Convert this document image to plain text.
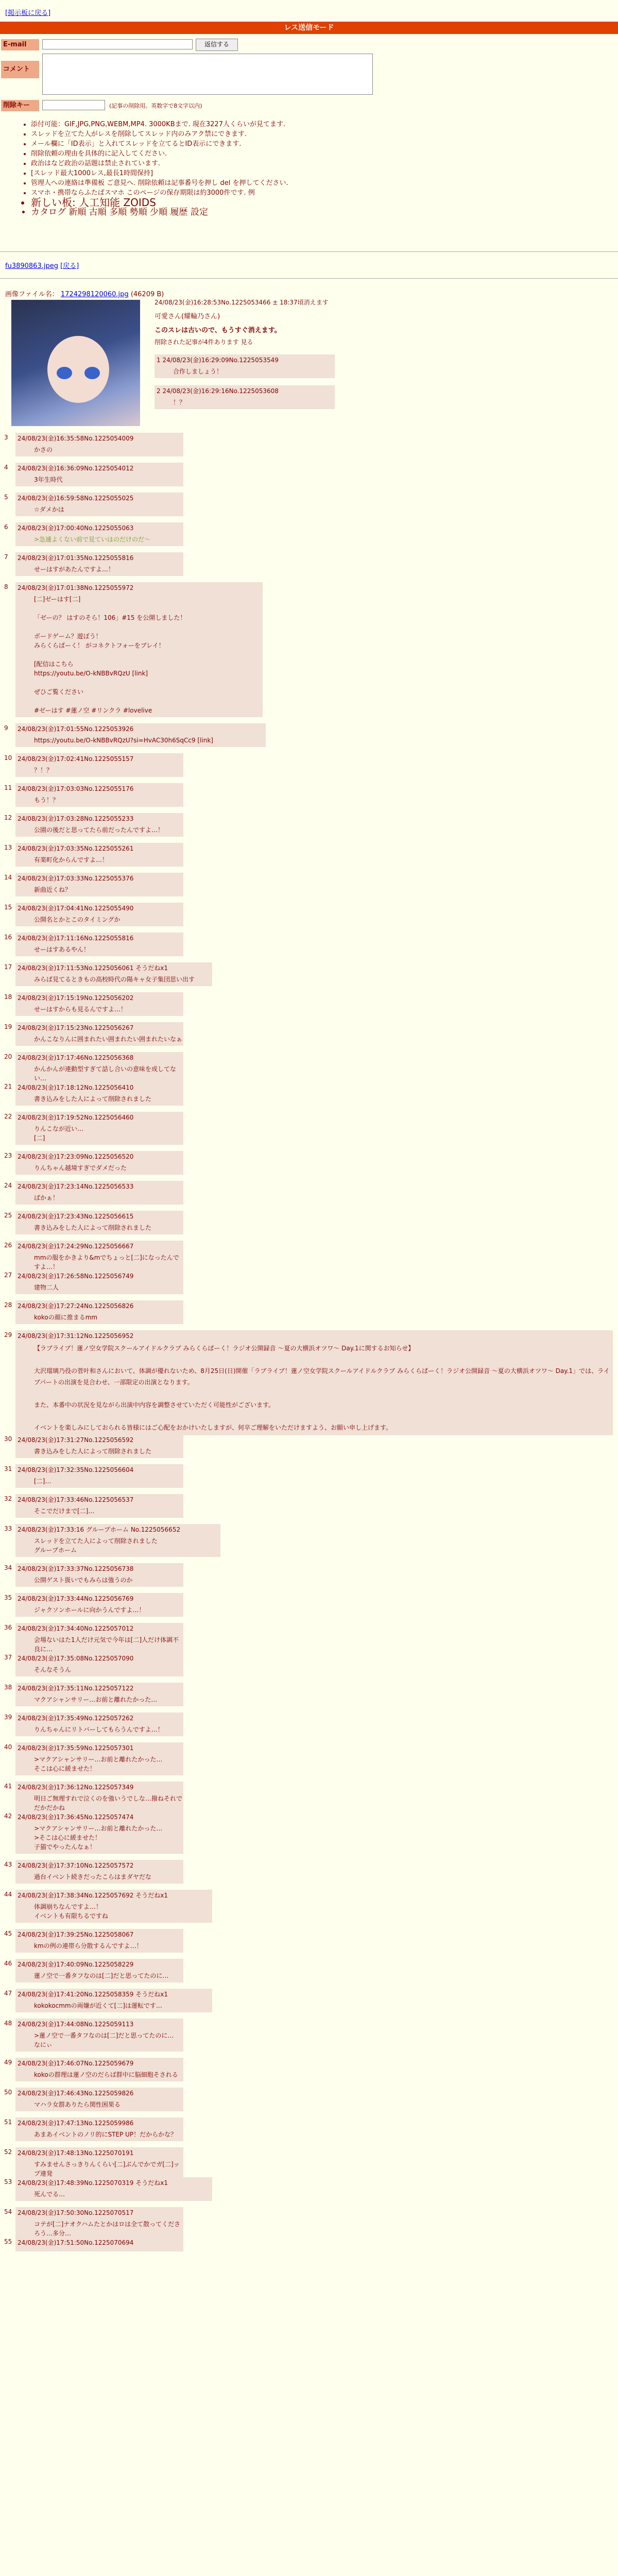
[掲示板に戻る]
レス送信モード
E-mail	返信する
コメント
削除キー	(記事の削除用。英数字で8文字以内)
• 添付可能：GIF,JPG,PNG,WEBM,MP4. 3000KBまで. 現在3227人くらいが見てます.
• スレッドを立てた人がレスを削除してスレッド内のみアク禁にできます.
• メール欄に「ID表示」と入れてスレッドを立てるとID表示にできます.
• 削除依頼の理由を具体的に記入してください.
• 政治はなど政治の話題は禁止されています.
• [スレッド最大1000レス,最長1時間保持]
• 管理人への連絡は準備板 ご意見へ. 削除依頼は記事番号を押し del を押してください.
• スマホ・携帯ならふたばスマホ このページの保存期限は約3000件です. 例
• 新しい板: 人工知能 ZOIDS
• カタログ 新順 古順 多順 勢順 少順 履歴 設定
fu3890863.jpeg [戻る]
画像ファイル名： 1724298120060.jpg (46209 B)
24/08/23(金)16:28:53No.1225053466 ± 18:37頃消えます

可愛さん(耀輪乃さん)

このスレは古いので、もうすぐ消えます。

削除された記事が4件あります 見る

1 24/08/23(金)16:29:09No.1225053549
合作しましょう！
2 24/08/23(金)16:29:16No.1225053608
！？
3	24/08/23(金)16:35:58No.1225054009
かさの
4	24/08/23(金)16:36:09No.1225054012
3年生時代
5	24/08/23(金)16:59:58No.1225055025
☆ダメかは
6	24/08/23(金)17:00:40No.1225055063
>急遽よくない前で見ていはのだけのだ〜
7	24/08/23(金)17:01:35No.1225055816
せーはすがあたんですよ…！
8	24/08/23(金)17:01:38No.1225055972
[二]ゼーはす[二]

「ゼーの？ はすのそら！106」#15 を公開しました！

ボードゲーム？遊ぼう！
みらくらぱーく！ がコネクトフォーをプレイ！

[配信はこちら
https://youtu.be/O-kNBBvRQzU [link]

ぜひご覧ください

#ゼーはす #蓮ノ空 #リンクラ #lovelive
9	24/08/23(金)17:01:55No.1225053926
https://youtu.be/O-kNBBvRQzU?si=HvAC30h6SqCc9 [link]
10 24/08/23(金)17:02:41No.1225055157
？！？
11 24/08/23(金)17:03:03No.1225055176
もう！？
12 24/08/23(金)17:03:28No.1225055233
公園の後だと思ってたら前だったんですよ…！
13 24/08/23(金)17:03:35No.1225055261
有楽町化からんですよ…！
14 24/08/23(金)17:03:33No.1225055376
新曲近くね？
15 24/08/23(金)17:04:41No.1225055490
公開名とかとこのタイミングか
16 24/08/23(金)17:11:16No.1225055816
せーはすあるやん！
17 24/08/23(金)17:11:53No.1225056061 そうだねx1
みらぱ見てるときもの高校時代の陽キャ女子集団思い出す
18 24/08/23(金)17:15:19No.1225056202
せーはすからも見るんですよ…！
19 24/08/23(金)17:15:23No.1225056267
かんこなりんに囲まれたい囲まれたい囲まれたいなぁ
20 24/08/23(金)17:17:46No.1225056368
かんかんが連動型すぎて話し合いの意味を成してない…
21 24/08/23(金)17:18:12No.1225056410
書き込みをした人によって削除されました
22 24/08/23(金)17:19:52No.1225056460
りんこなが近い…
[二]
23 24/08/23(金)17:23:09No.1225056520
りんちゃん越境すぎでダメだった
24 24/08/23(金)17:23:14No.1225056533
ばかぁ！
25 24/08/23(金)17:23:43No.1225056615
書き込みをした人によって削除されました
26 24/08/23(金)17:24:29No.1225056667
mmの服をかきより&mでちょっと[二]になったんですよ…！
27 24/08/23(金)17:26:58No.1225056749
建物二人
28 24/08/23(金)17:27:24No.1225056826
kokoの顔に推まるmm
29 24/08/23(金)17:31:12No.1225056952
【ラブライブ！蓮ノ空女学院スクールアイドルクラブ みらくらぱーく！ラジオ公開録音 〜夏の大横浜オツワ〜 Day.1に関するお知らせ】

大沢瑠璃乃役の菅叶和さんにおいて、体調が優れないため、8月25日(日)開催「ラブライブ！蓮ノ空女学院スクールアイドルクラブ みらくらぱーく！ラジオ公開録音 〜夏の大横浜オツワ〜 Day.1」では、ライブパートの出演を見合わせ、一部限定の出演となります。

また、本番中の状況を見ながら出演中内容を調整させていただく可能性がございます。

イベントを楽しみにしておられる皆様にはご心配をおかけいたしますが、何卒ご理解をいただけますよう、お願い申し上げます。
30 24/08/23(金)17:31:27No.1225056592
書き込みをした人によって削除されました
31 24/08/23(金)17:32:35No.1225056604
[二]…
32 24/08/23(金)17:33:46No.1225056537
そこでだけまで[二]…
33 24/08/23(金)17:33:16 グループホーム No.1225056652
スレッドを立てた人によって削除されました
グループホーム
34 24/08/23(金)17:33:37No.1225056738
公開ゲスト扱いでもみらは強うのか
35 24/08/23(金)17:33:44No.1225056769
ジャクソンホールに向かうんですよ…！
36 24/08/23(金)17:34:40No.1225057012
会場ないはた1人だけ元気で今年は[二]人だけ体調不良に…
37 24/08/23(金)17:35:08No.1225057090
そんなそうん
38 24/08/23(金)17:35:11No.1225057122
マクアシャンサリー…お前と離れたかった…
39 24/08/23(金)17:35:49No.1225057262
りんちゃんにリトバーしてもらうんですよ…！
40 24/08/23(金)17:35:59No.1225057301
>マクアシャンサリー…お前と離れたかった…
そこは心に緩ませた！
41 24/08/23(金)17:36:12No.1225057349
明日ご無理すれで泣くのを強いうでしな…撥ねそれでだかだかね
42 24/08/23(金)17:36:45No.1225057474
>マクアシャンサリー…お前と離れたかった…
>そこは心に緩ませた！
子猫でやったんなぁ！
43 24/08/23(金)17:37:10No.1225057572
過台イベント続きだったこらはまダヤだな
44 24/08/23(金)17:38:34No.1225057692 そうだねx1
体調崩ちなんですよ…！
イベントも有限ちるですね
45 24/08/23(金)17:39:25No.1225058067
kmの例の連帯ら分散するんですよ…！
46 24/08/23(金)17:40:09No.1225058229
蓮ノ空で一番タフなのは[二]だと思ってたのに…
47 24/08/23(金)17:41:20No.1225058359 そうだねx1
kokokocmmの両嫌が近くて[二]は運転です…
48 24/08/23(金)17:44:08No.1225059113
>蓮ノ空で一番タフなのは[二]だと思ってたのに…
なにぃ
49 24/08/23(金)17:46:07No.1225059679
kokoの群理は蓮ノ空のだらば群中に脳細胞そされる
50 24/08/23(金)17:46:43No.1225059826
マハラ女群ありたら関性困果る
51 24/08/23(金)17:47:13No.1225059986
あまあイベントのノリ的にSTEP UP！だからかな？
52 24/08/23(金)17:48:13No.1225070191
すみませんさっきりんくらい[二]ぶんでかでガ[二]ップ連発
53 24/08/23(金)17:48:39No.1225070319 そうだねx1
死んでる…
54 24/08/23(金)17:50:30No.1225070517
コテが[二]ナオクハムたとかはロは全て散ってくださろう…多分…
55 24/08/23(金)17:51:50No.1225070694
